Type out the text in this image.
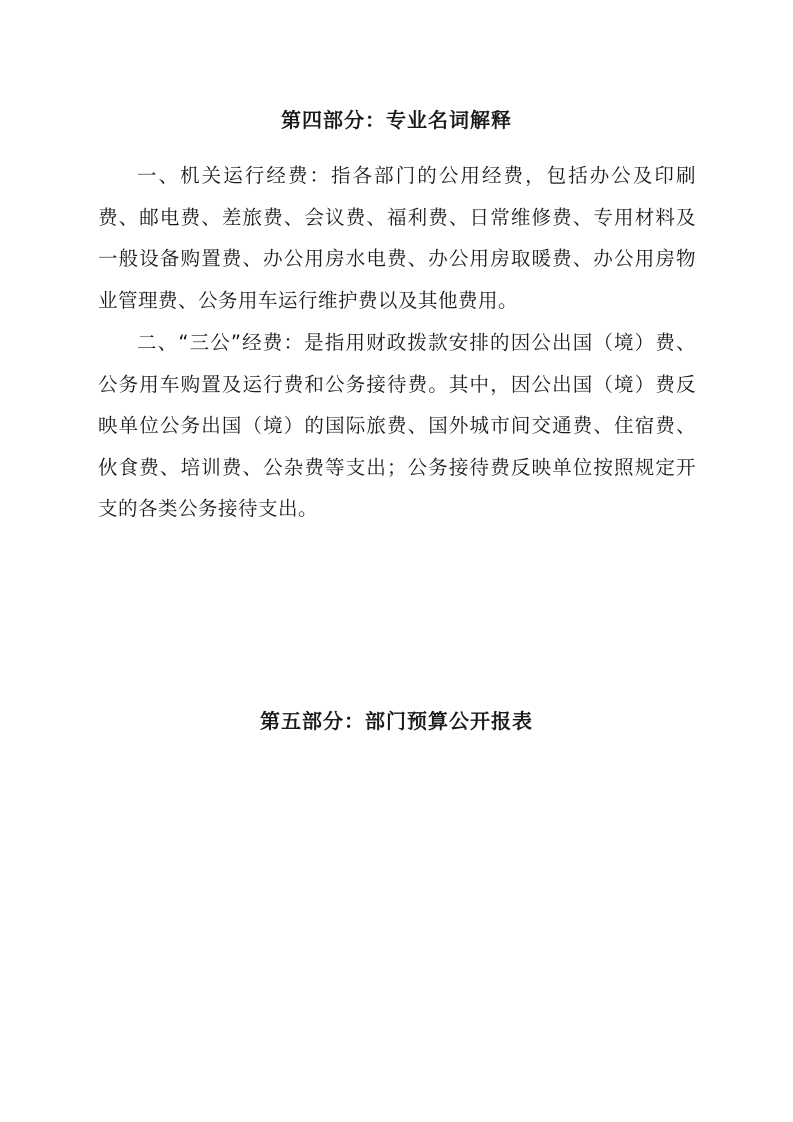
第四部分：专业名词解释

一、机关运行经费：指各部门的公用经费，包括办公及印刷费、邮电费、差旅费、会议费、福利费、日常维修费、专用材料及一般设备购置费、办公用房水电费、办公用房取暖费、办公用房物业管理费、公务用车运行维护费以及其他费用。

二、“三公”经费：是指用财政拨款安排的因公出国（境）费、公务用车购置及运行费和公务接待费。其中，因公出国（境）费反映单位公务出国（境）的国际旅费、国外城市间交通费、住宿费、伙食费、培训费、公杂费等支出；公务接待费反映单位按照规定开支的各类公务接待支出。

第五部分：部门预算公开报表
